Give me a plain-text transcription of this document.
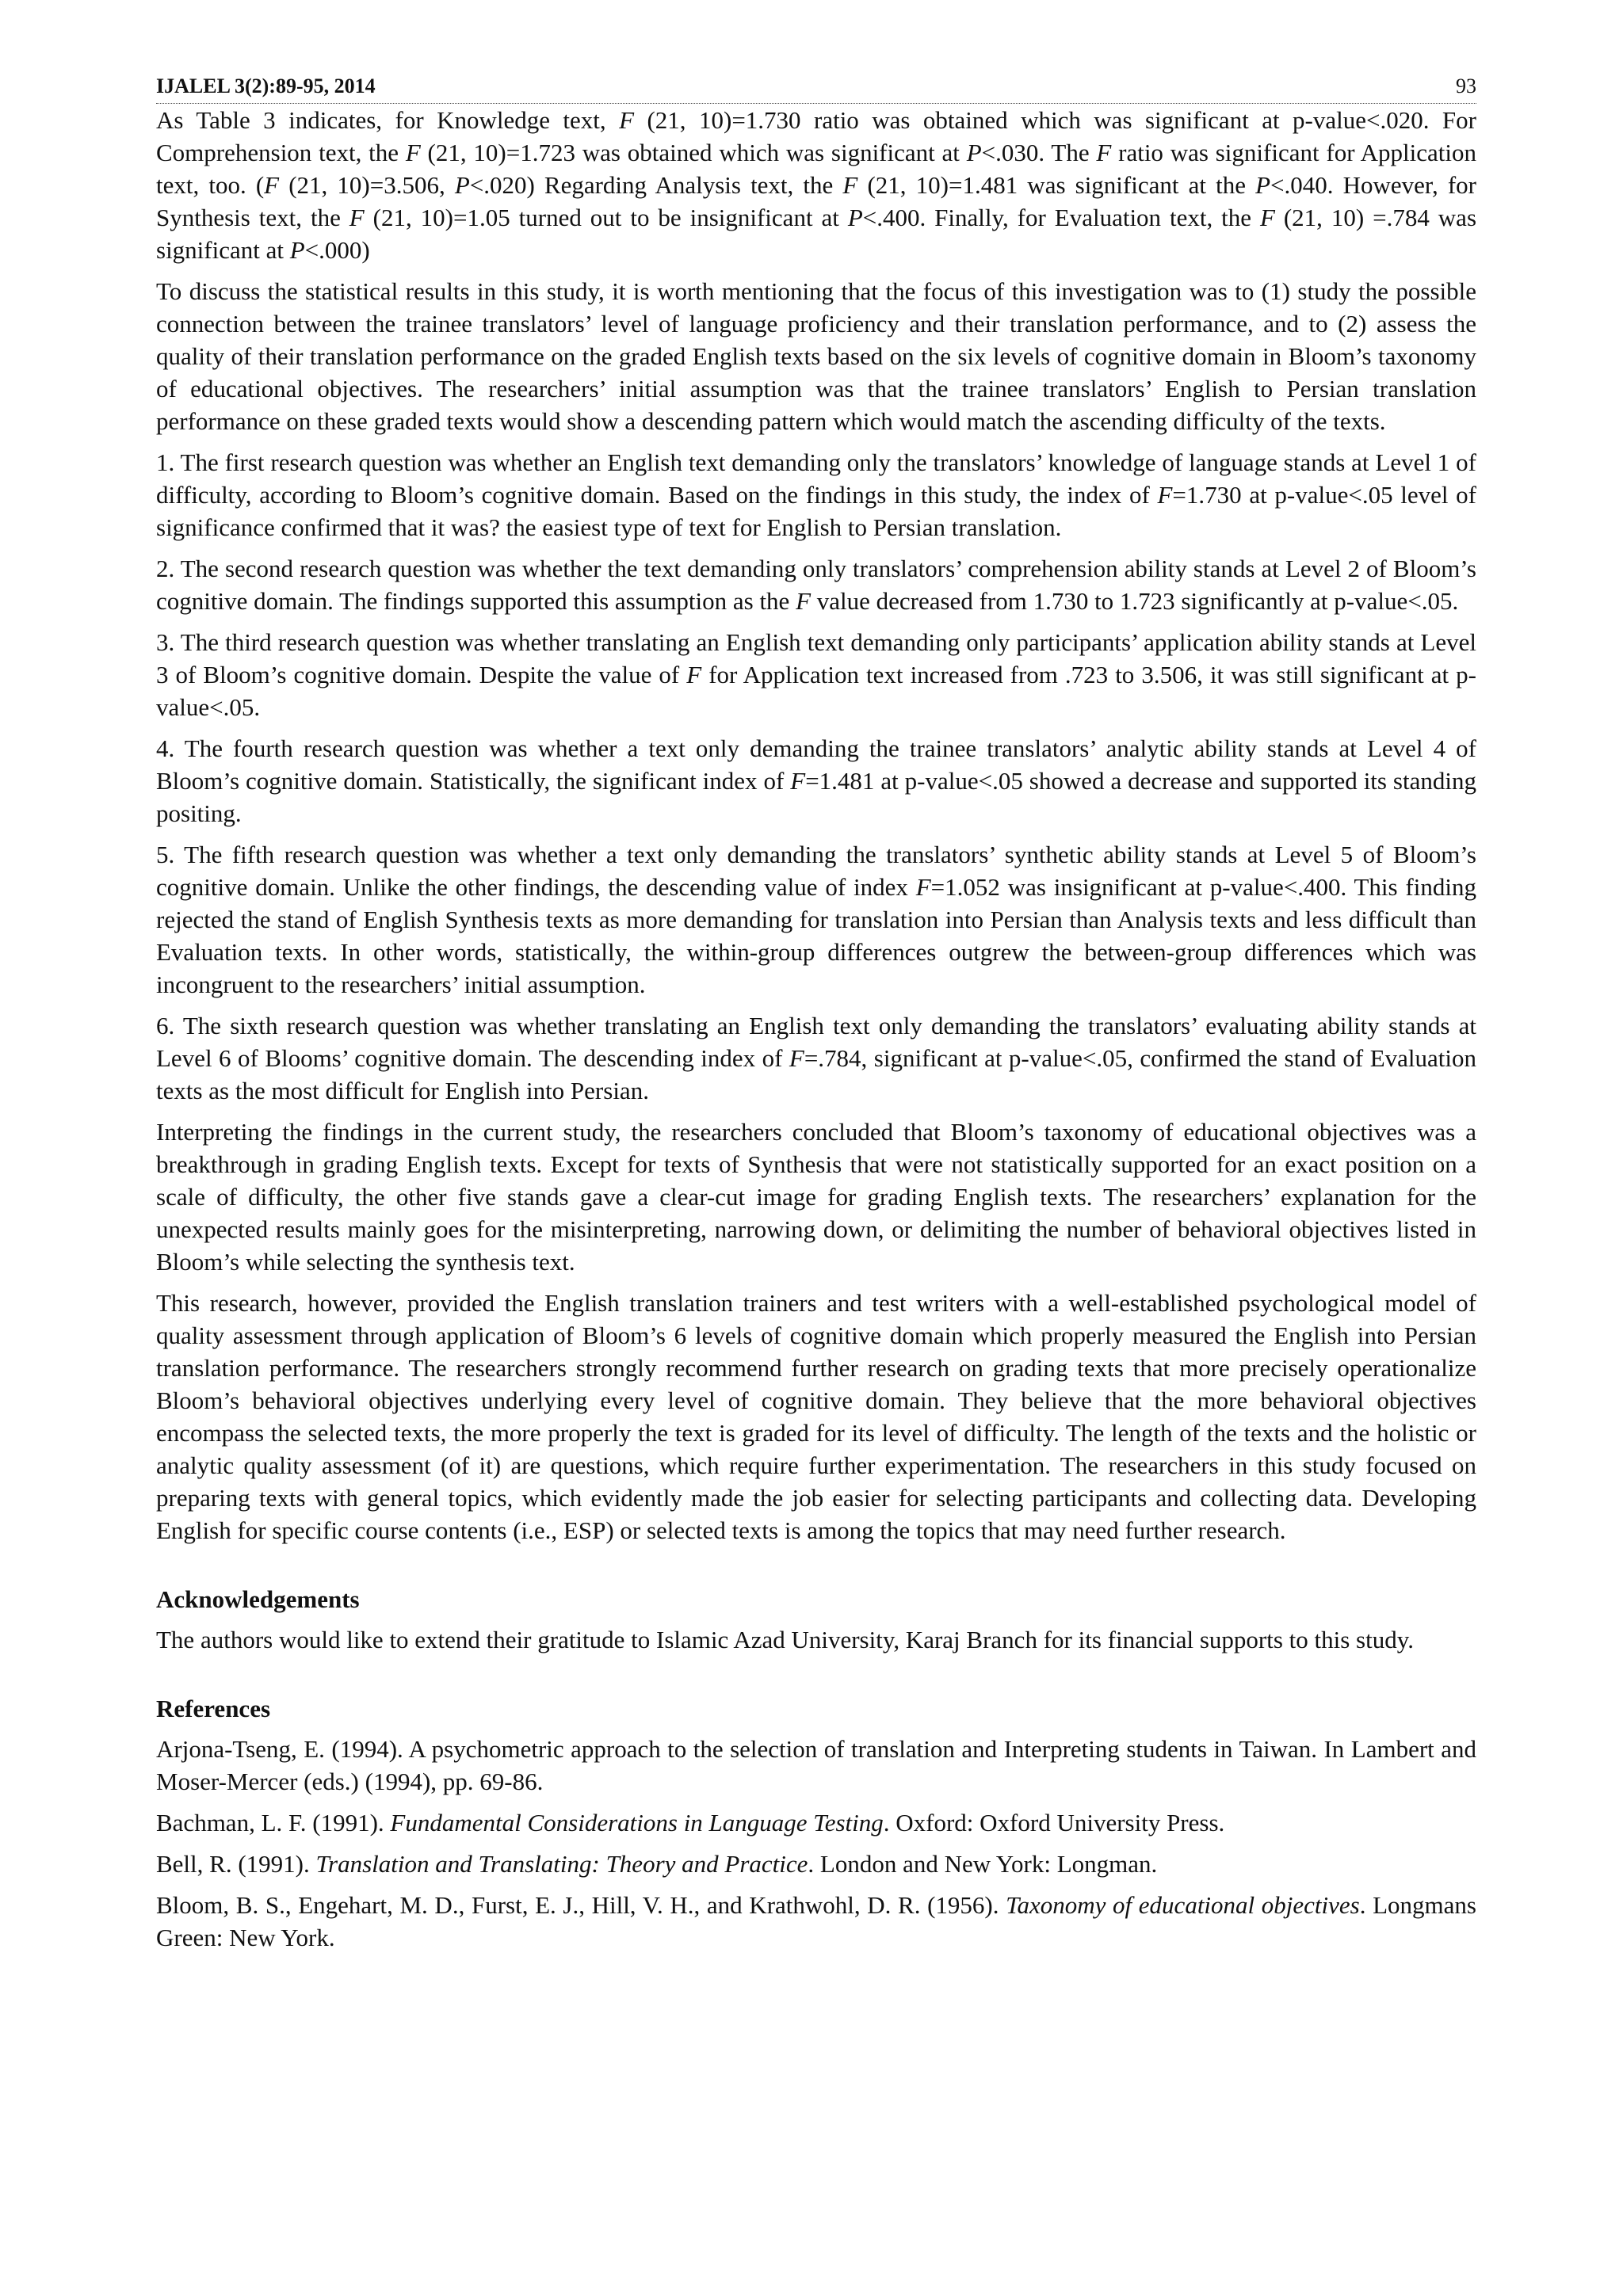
IJALEL 3(2):89-95, 2014	93

As Table 3 indicates, for Knowledge text, F (21, 10)=1.730 ratio was obtained which was significant at p-value<.020. For Comprehension text, the F (21, 10)=1.723 was obtained which was significant at P<.030. The F ratio was significant for Application text, too. (F (21, 10)=3.506, P<.020) Regarding Analysis text, the F (21, 10)=1.481 was significant at the P<.040. However, for Synthesis text, the F (21, 10)=1.05 turned out to be insignificant at P<.400. Finally, for Evaluation text, the F (21, 10) =.784 was significant at P<.000)

To discuss the statistical results in this study, it is worth mentioning that the focus of this investigation was to (1) study the possible connection between the trainee translators’ level of language proficiency and their translation performance, and to (2) assess the quality of their translation performance on the graded English texts based on the six levels of cognitive domain in Bloom’s taxonomy of educational objectives. The researchers’ initial assumption was that the trainee translators’ English to Persian translation performance on these graded texts would show a descending pattern which would match the ascending difficulty of the texts.

1. The first research question was whether an English text demanding only the translators’ knowledge of language stands at Level 1 of difficulty, according to Bloom’s cognitive domain. Based on the findings in this study, the index of F=1.730 at p-value<.05 level of significance confirmed that it was? the easiest type of text for English to Persian translation.

2. The second research question was whether the text demanding only translators’ comprehension ability stands at Level 2 of Bloom’s cognitive domain. The findings supported this assumption as the F value decreased from 1.730 to 1.723 significantly at p-value<.05.

3. The third research question was whether translating an English text demanding only participants’ application ability stands at Level 3 of Bloom’s cognitive domain. Despite the value of F for Application text increased from .723 to 3.506, it was still significant at p-value<.05.

4. The fourth research question was whether a text only demanding the trainee translators’ analytic ability stands at Level 4 of Bloom’s cognitive domain. Statistically, the significant index of F=1.481 at p-value<.05 showed a decrease and supported its standing positing.

5. The fifth research question was whether a text only demanding the translators’ synthetic ability stands at Level 5 of Bloom’s cognitive domain. Unlike the other findings, the descending value of index F=1.052 was insignificant at p-value<.400. This finding rejected the stand of English Synthesis texts as more demanding for translation into Persian than Analysis texts and less difficult than Evaluation texts. In other words, statistically, the within-group differences outgrew the between-group differences which was incongruent to the researchers’ initial assumption.

6. The sixth research question was whether translating an English text only demanding the translators’ evaluating ability stands at Level 6 of Blooms’ cognitive domain. The descending index of F=.784, significant at p-value<.05, confirmed the stand of Evaluation texts as the most difficult for English into Persian.

Interpreting the findings in the current study, the researchers concluded that Bloom’s taxonomy of educational objectives was a breakthrough in grading English texts. Except for texts of Synthesis that were not statistically supported for an exact position on a scale of difficulty, the other five stands gave a clear-cut image for grading English texts. The researchers’ explanation for the unexpected results mainly goes for the misinterpreting, narrowing down, or delimiting the number of behavioral objectives listed in Bloom’s while selecting the synthesis text.

This research, however, provided the English translation trainers and test writers with a well-established psychological model of quality assessment through application of Bloom’s 6 levels of cognitive domain which properly measured the English into Persian translation performance. The researchers strongly recommend further research on grading texts that more precisely operationalize Bloom’s behavioral objectives underlying every level of cognitive domain. They believe that the more behavioral objectives encompass the selected texts, the more properly the text is graded for its level of difficulty. The length of the texts and the holistic or analytic quality assessment (of it) are questions, which require further experimentation. The researchers in this study focused on preparing texts with general topics, which evidently made the job easier for selecting participants and collecting data. Developing English for specific course contents (i.e., ESP) or selected texts is among the topics that may need further research.

Acknowledgements

The authors would like to extend their gratitude to Islamic Azad University, Karaj Branch for its financial supports to this study.

References

Arjona-Tseng, E. (1994). A psychometric approach to the selection of translation and Interpreting students in Taiwan. In Lambert and Moser-Mercer (eds.) (1994), pp. 69-86.

Bachman, L. F. (1991). Fundamental Considerations in Language Testing. Oxford: Oxford University Press.

Bell, R. (1991). Translation and Translating: Theory and Practice. London and New York: Longman.

Bloom, B. S., Engehart, M. D., Furst, E. J., Hill, V. H., and Krathwohl, D. R. (1956). Taxonomy of educational objectives. Longmans Green: New York.
